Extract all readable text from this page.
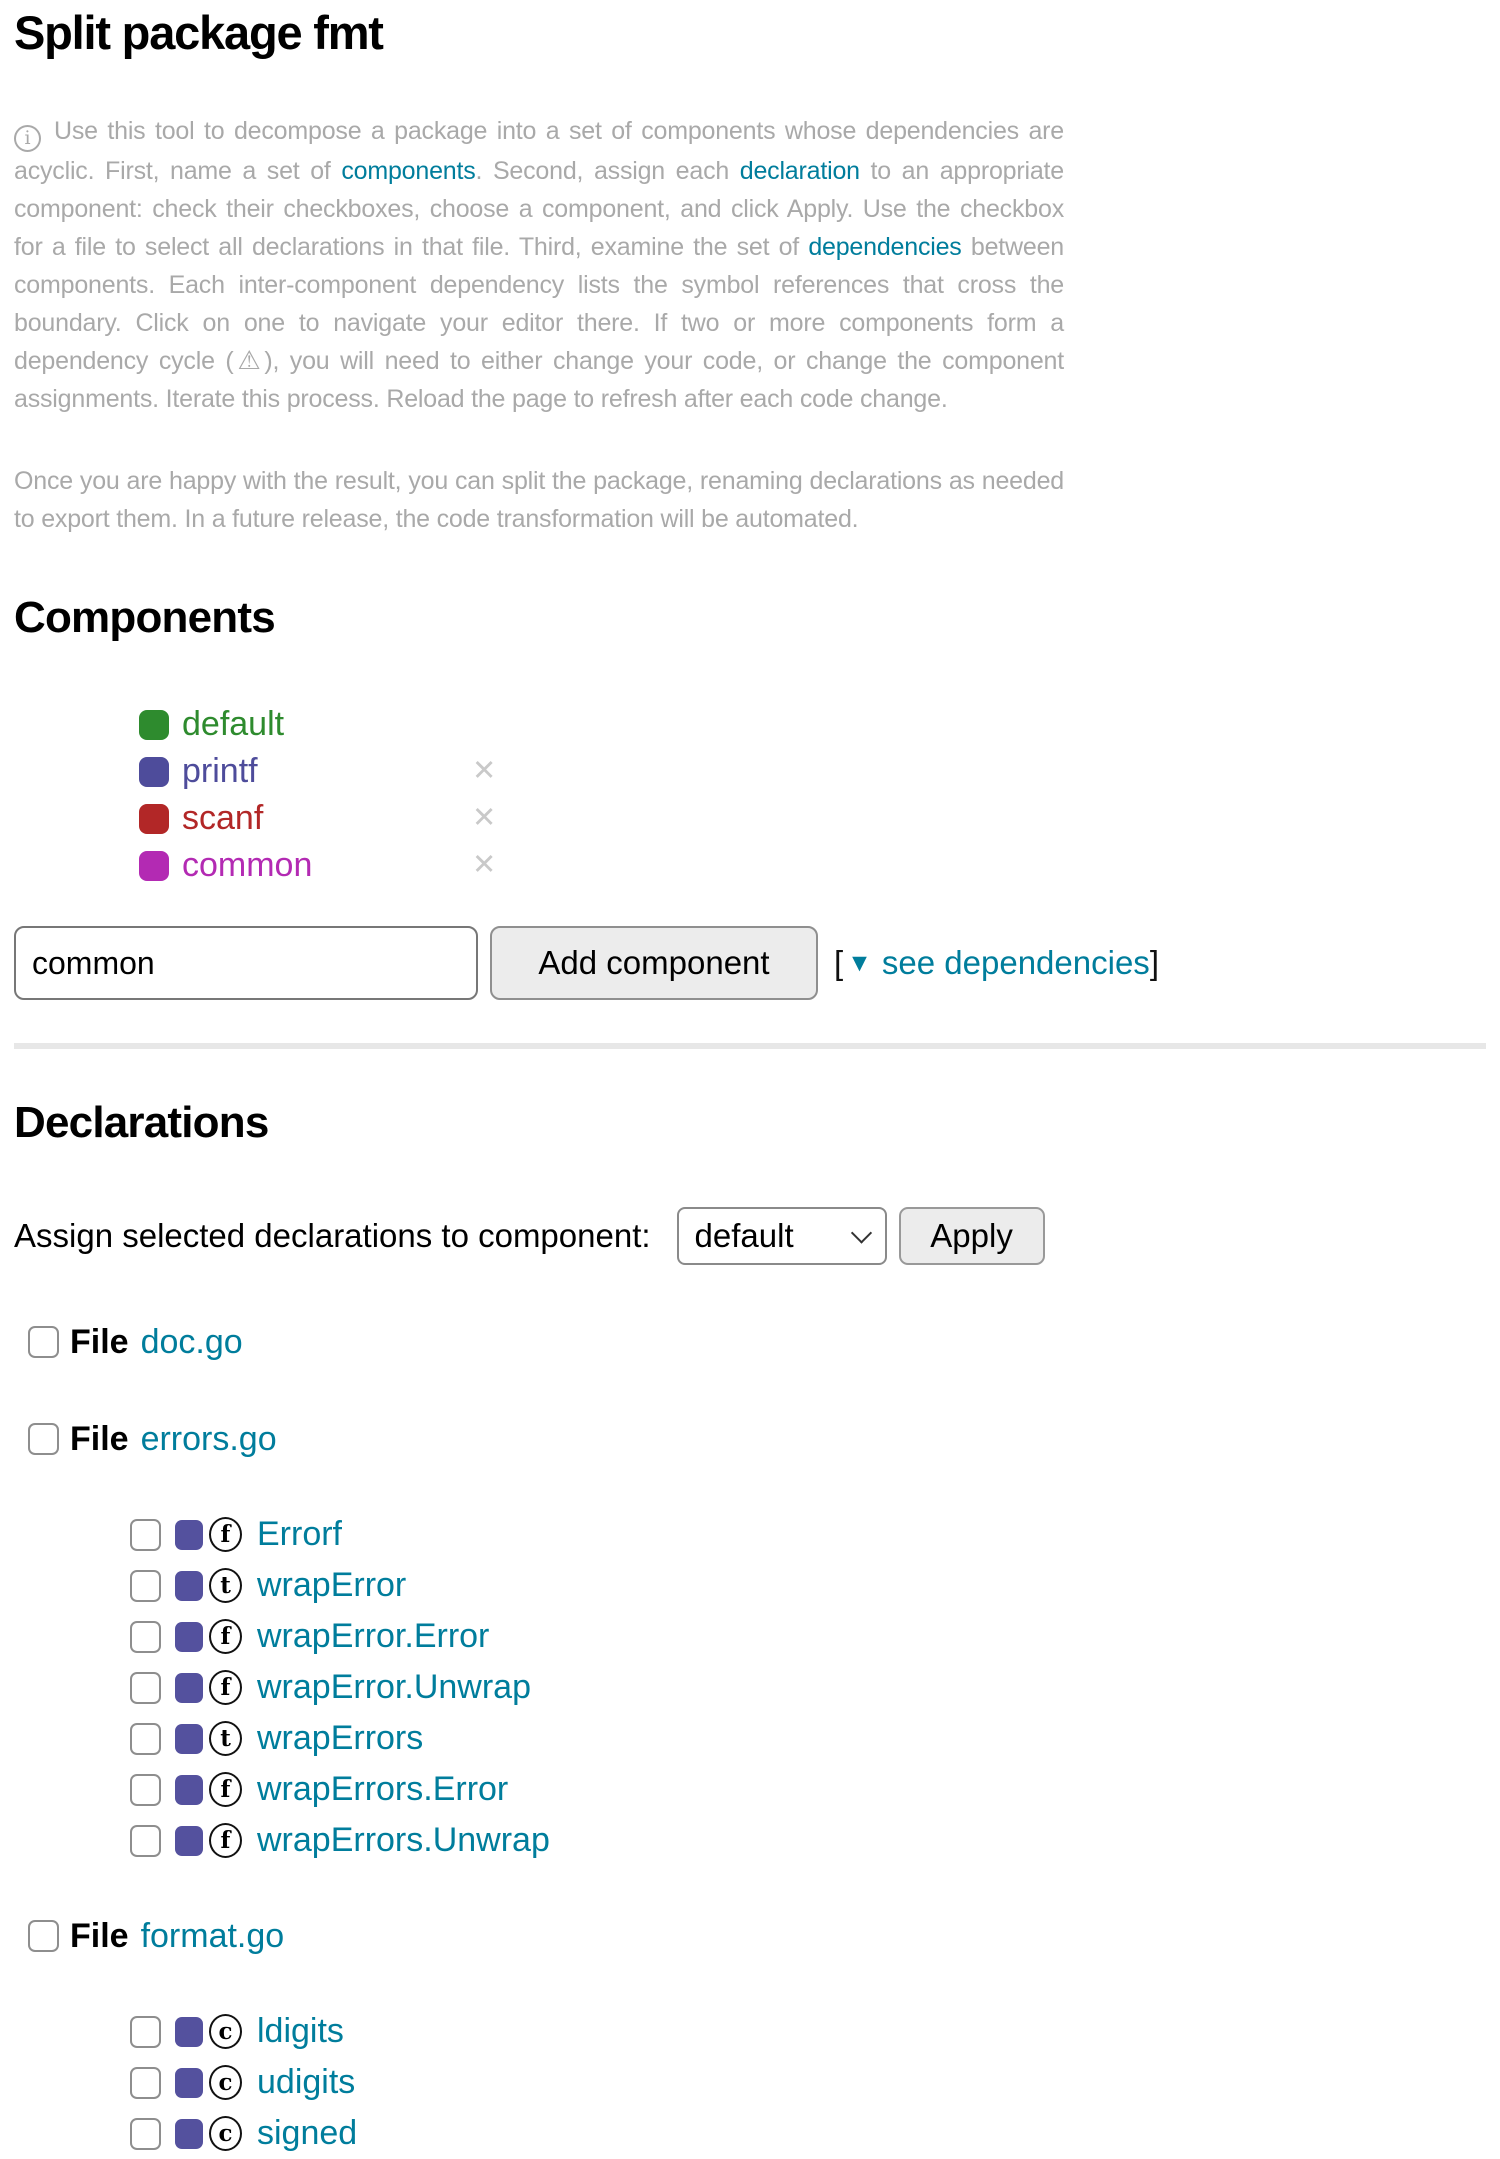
Split package fmt
i Use this tool to decompose a package into a set of components whose dependencies are
acyclic. First, name a set of components. Second, assign each declaration to an appropriate
component: check their checkboxes, choose a component, and click Apply. Use the checkbox
for a file to select all declarations in that file. Third, examine the set of dependencies between
components. Each inter-component dependency lists the symbol references that cross the
boundary. Click on one to navigate your editor there. If two or more components form a
dependency cycle (⚠), you will need to either change your code, or change the component
assignments. Iterate this process. Reload the page to refresh after each code change.
Once you are happy with the result, you can split the package, renaming declarations as needed
to export them. In a future release, the code transformation will be automated.
Components
default
printf	✕
scanf	✕
common	✕
common
Add component	[ ▼ see dependencies]
Declarations
Assign selected declarations to component: default	Apply
File doc.go
File errors.go
f Errorf
t wrapError
f wrapError.Error
f wrapError.Unwrap
t wrapErrors
f wrapErrors.Error
f wrapErrors.Unwrap
File format.go
c ldigits
c udigits
c signed
